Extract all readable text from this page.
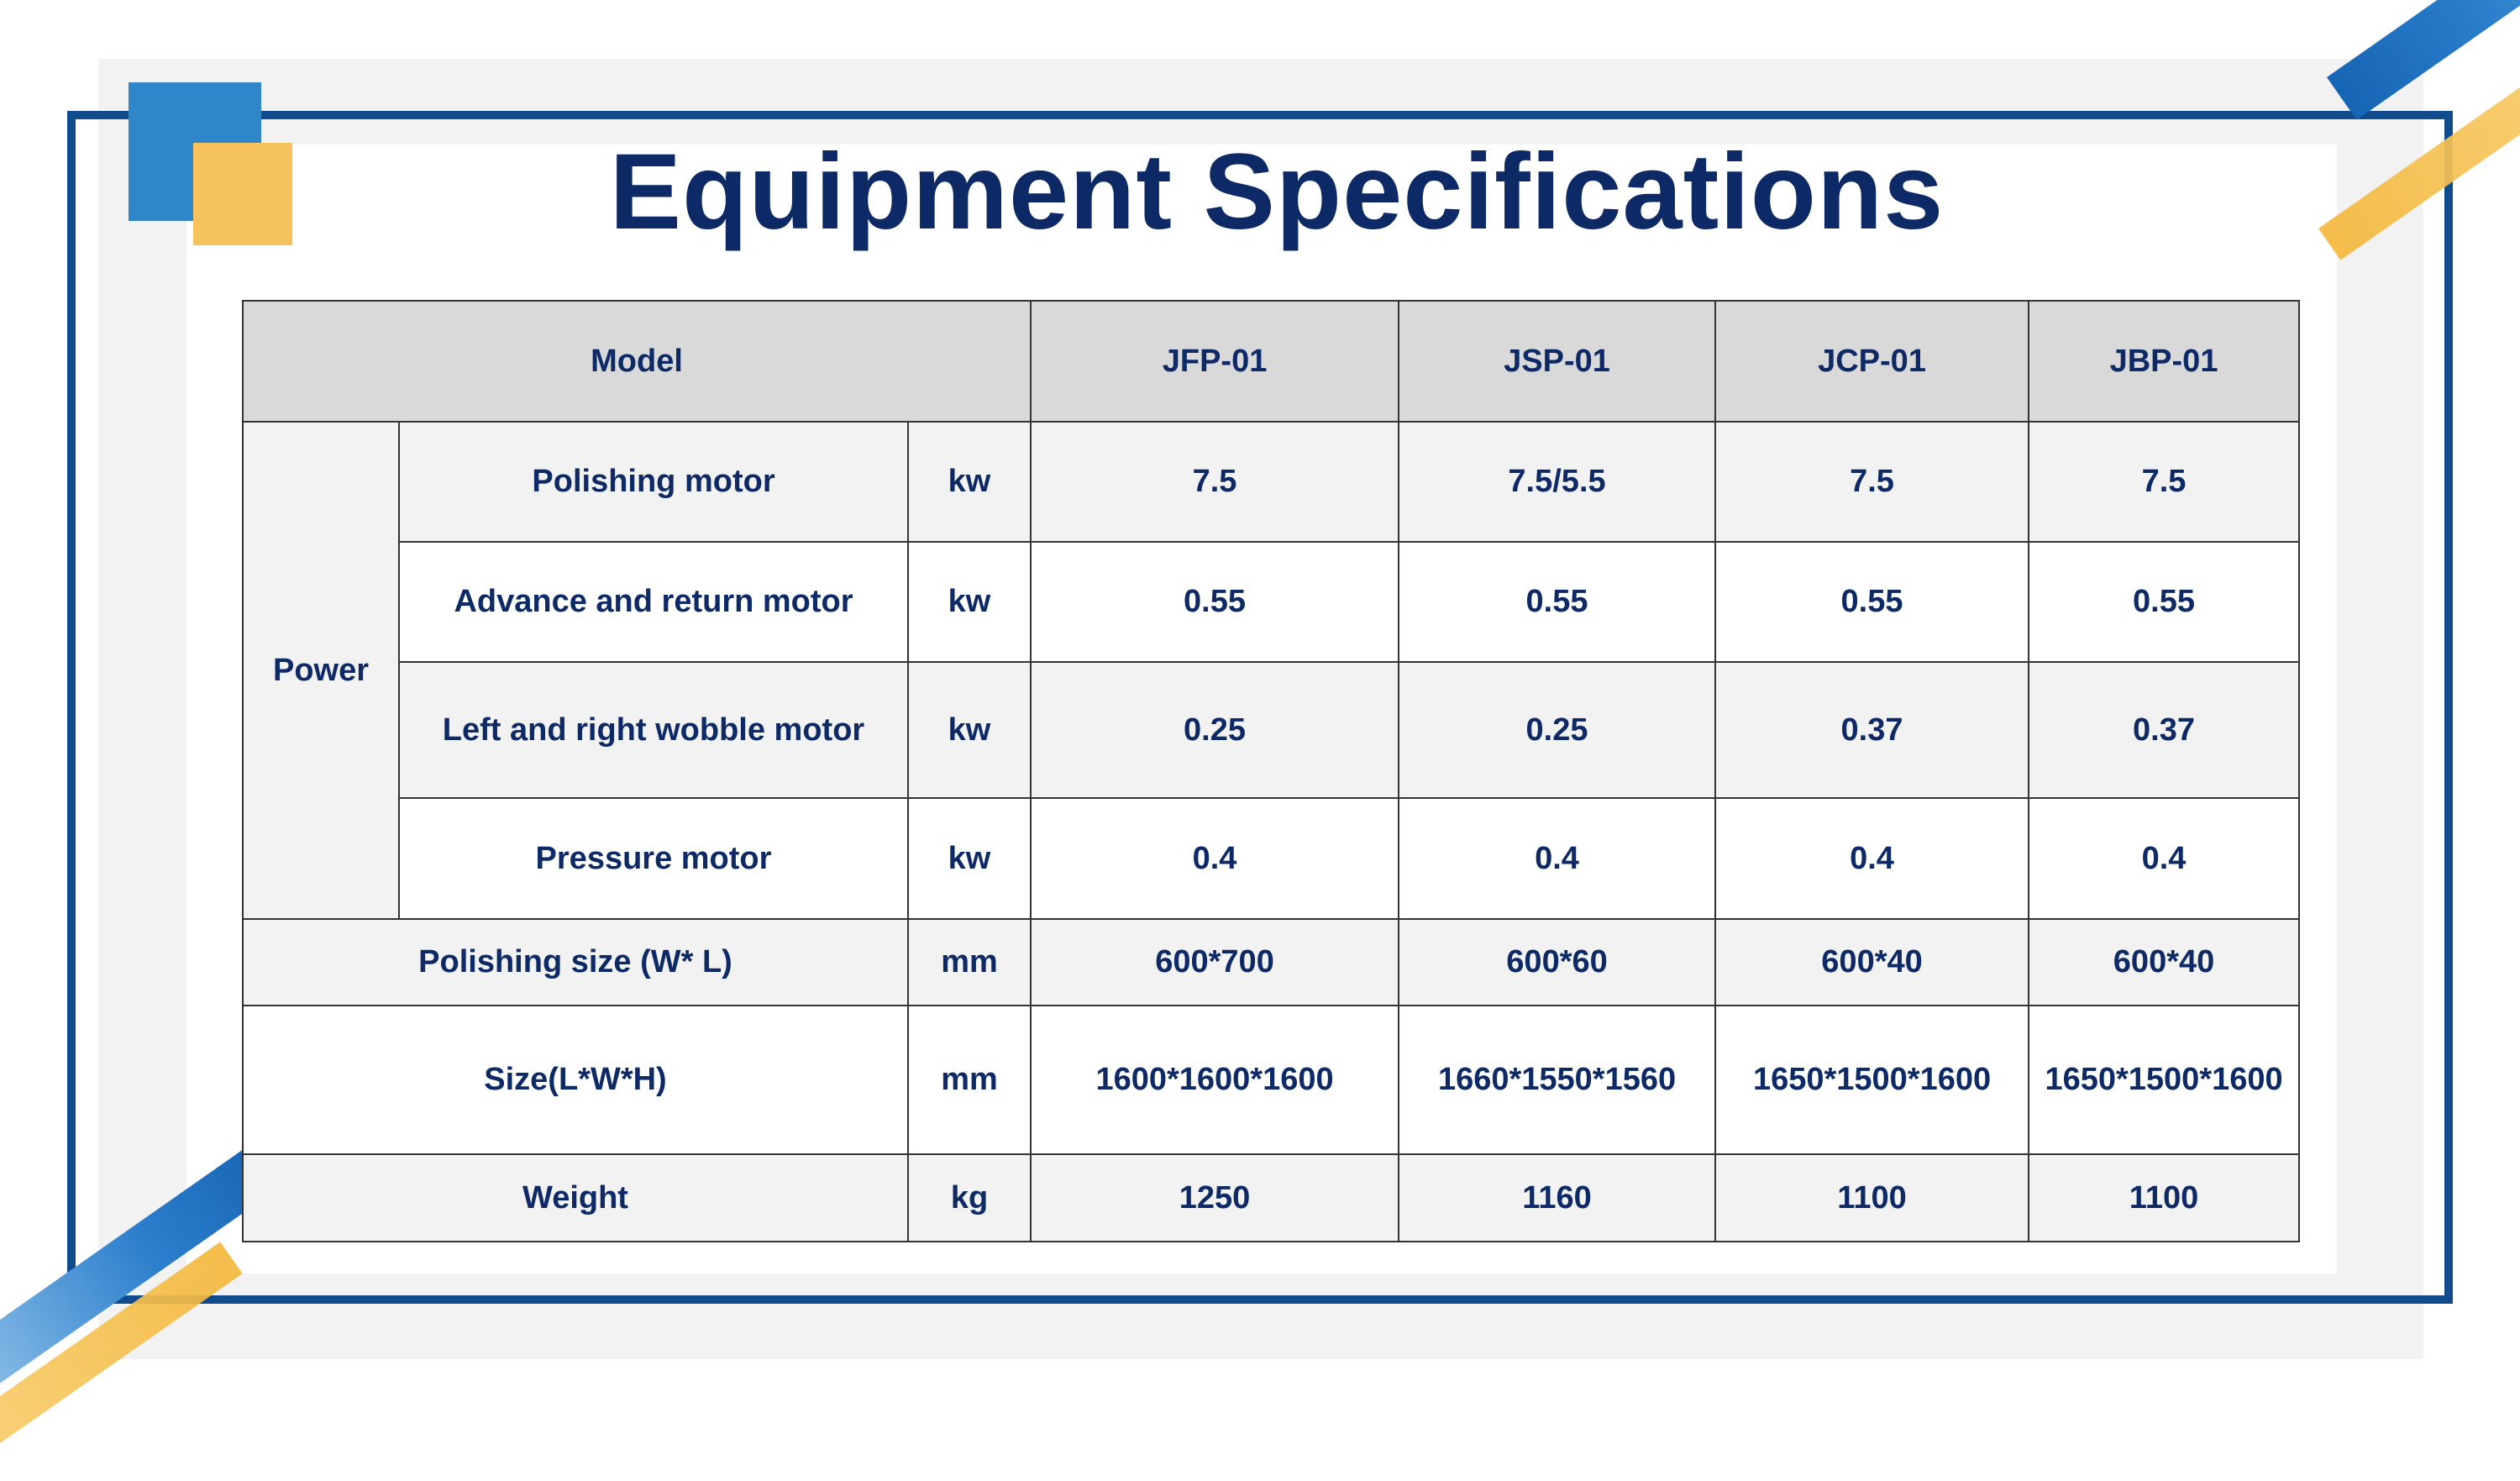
Equipment Specifications
Model			JFP-01	JSP-01	JCP-01	JBP-01
Power	Polishing motor	kw	7.5	7.5/5.5	7.5	7.5
	Advance and return motor	kw	0.55	0.55	0.55	0.55
	Left and right wobble motor	kw	0.25	0.25	0.37	0.37
	Pressure motor	kw	0.4	0.4	0.4	0.4
Polishing size (W* L)		mm	600*700	600*60	600*40	600*40
Size(L*W*H)		mm	1600*1600*1600	1660*1550*1560	1650*1500*1600	1650*1500*1600
Weight		kg	1250	1160	1100	1100
